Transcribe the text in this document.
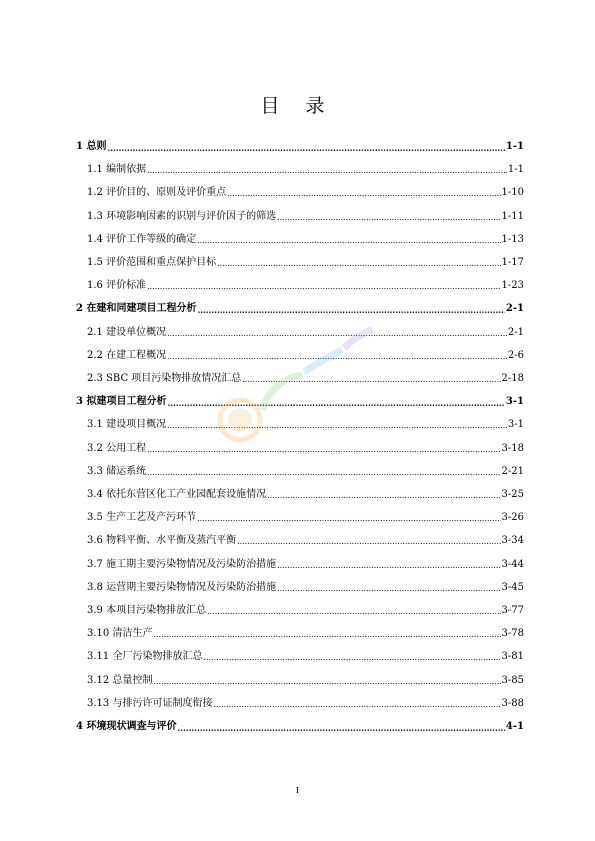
目 录
1 总则 .....	1-1
1.1 编制依据 .....	1-1
1.2 评价目的、原则及评价重点 .....	1-10
1.3 环境影响因素的识别与评价因子的筛选 .....	1-11
1.4 评价工作等级的确定 .....	1-13
1.5 评价范围和重点保护目标 .....	1-17
1.6 评价标准 .....	1-23
2 在建和同建项目工程分析 .....	2-1
2.1 建设单位概况 .....	2-1
2.2 在建工程概况 .....	2-6
2.3 SBC 项目污染物排放情况汇总 .....	2-18
3 拟建项目工程分析 .....	3-1
3.1 建设项目概况 .....	3-1
3.2 公用工程 .....	3-18
3.3 储运系统 .....	2-21
3.4 依托东营区化工产业园配套设施情况 .....	3-25
3.5 生产工艺及产污环节 .....	3-26
3.6 物料平衡、水平衡及蒸汽平衡 .....	3-34
3.7 施工期主要污染物情况及污染防治措施 .....	3-44
3.8 运营期主要污染物情况及污染防治措施 .....	3-45
3.9 本项目污染物排放汇总 .....	3-77
3.10 清洁生产 .....	3-78
3.11 全厂污染物排放汇总 .....	3-81
3.12 总量控制 .....	3-85
3.13 与排污许可证制度衔接 .....	3-88
4 环境现状调查与评价 .....	4-1
I
